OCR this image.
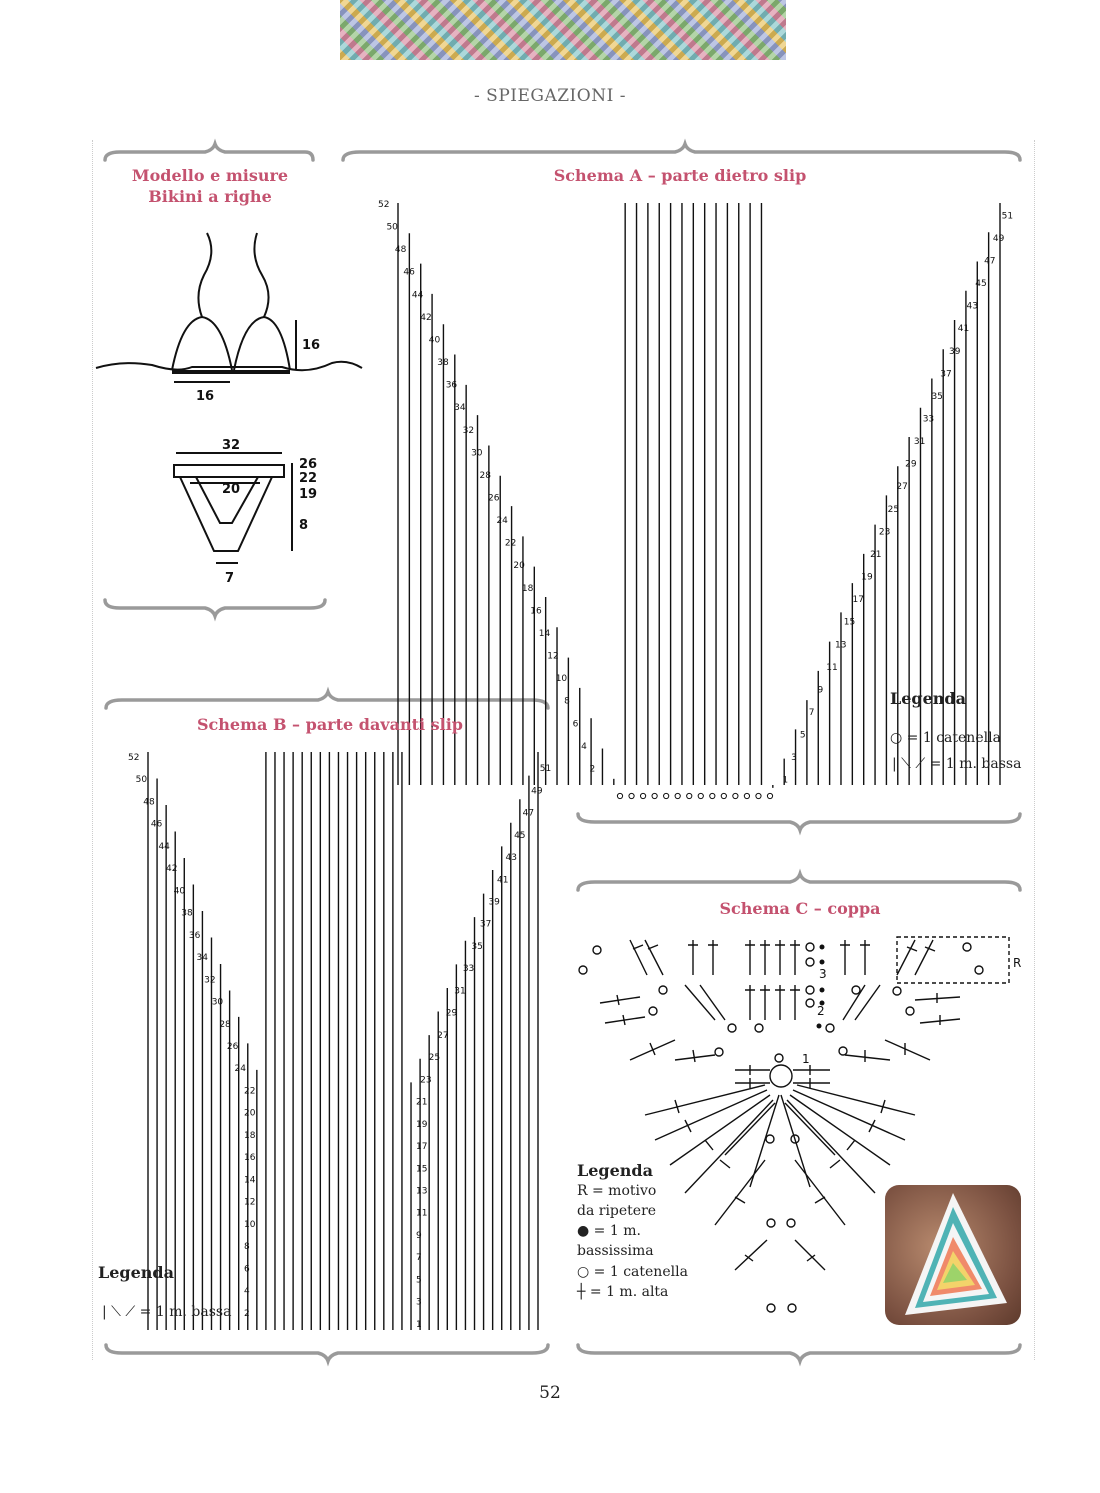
- SPIEGAZIONI -
Modello e misure
Bikini a righe
16
16
32
20
26
22
19
8
7
Schema A – parte dietro slip
2
4
6
8
10
12
14
16
18
20
22
24
26
28
30
32
34
36
38
40
42
44
46
48
50
52
1
3
5
7
9
11
13
15
17
19
21
23
25
27
29
31
33
35
37
39
41
43
45
47
49
51
Legenda
○ = 1 catenella
| ⟍ ⟋ = 1 m. bassa
Schema B – parte davanti slip
2
4
6
8
10
12
14
16
18
20
22
24
26
28
30
32
34
36
38
40
42
44
46
48
50
52
1
3
5
7
9
11
13
15
17
19
21
23
25
27
29
31
33
35
37
39
41
43
45
47
49
51
Legenda
| ⟍ ⟋ = 1 m. bassa
Schema C – coppa
R
1
2
3
Legenda
R = motivo
da ripetere
● = 1 m.
bassissima
○ = 1 catenella
┼ = 1 m. alta
52
